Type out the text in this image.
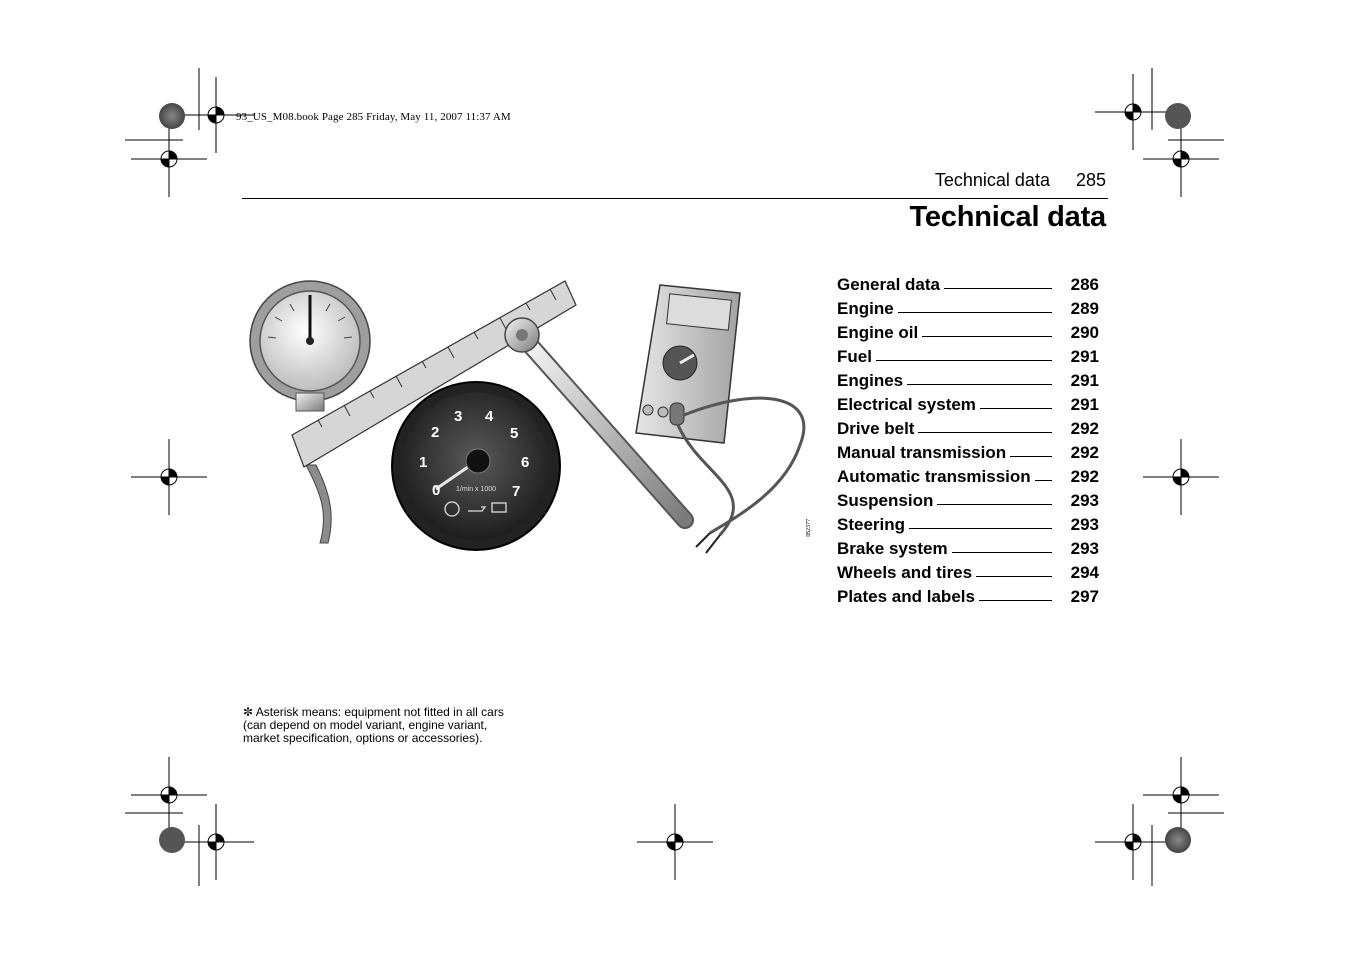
93_US_M08.book Page 285 Friday, May 11, 2007 11:37 AM
Technical data 285
Technical data
0
1
2
3 4
5
6
7
1/min x 1000
IB2377
General data	286
Engine	289
Engine oil	290
Fuel	291
Engines	291
Electrical system	291
Drive belt	292
Manual transmission	292
Automatic transmission 292
Suspension	293
Steering	293
Brake system	293
Wheels and tires	294
Plates and labels	297
✼ Asterisk means: equipment not fitted in all cars
(can depend on model variant, engine variant,
market specification, options or accessories).
